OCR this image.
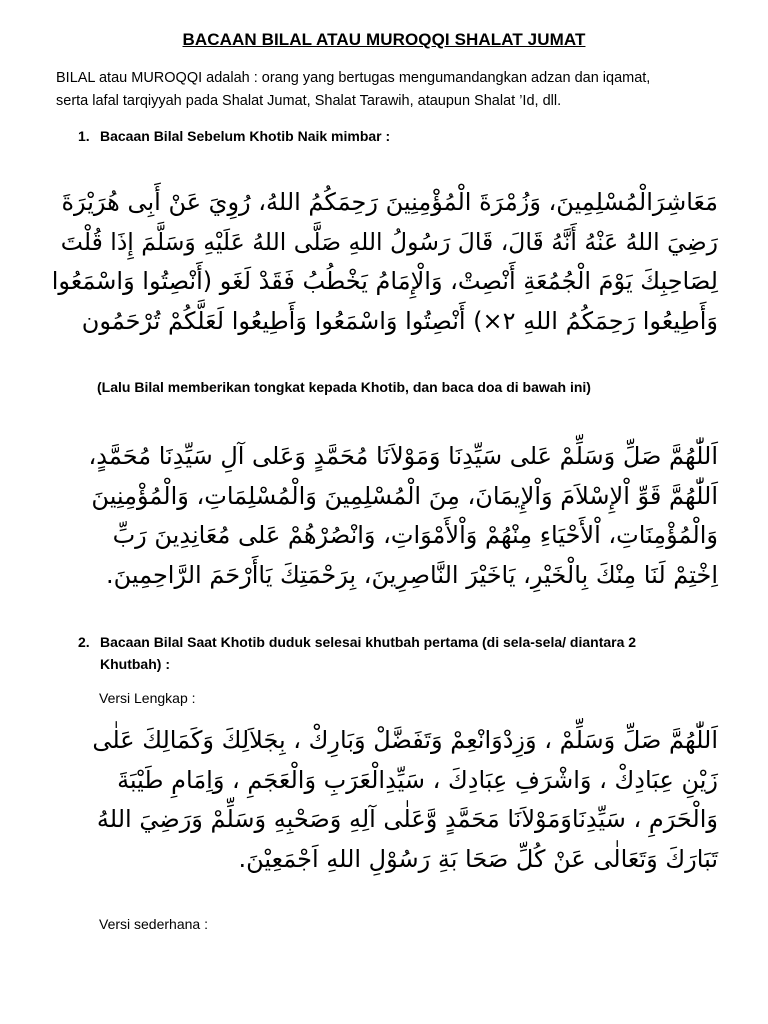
BACAAN BILAL ATAU MUROQQI SHALAT JUMAT
BILAL atau MUROQQI adalah : orang yang bertugas mengumandangkan adzan dan iqamat,
serta lafal tarqiyyah pada Shalat Jumat, Shalat Tarawih, ataupun Shalat ’Id, dll.
1. Bacaan Bilal Sebelum Khotib Naik mimbar :
مَعَاشِرَالْمُسْلِمِينَ، وَزُمْرَةَ الْمُؤْمِنِينَ رَحِمَكُمُ اللهُ، رُوِيَ عَنْ أَبِى هُرَيْرَةَ
رَضِيَ اللهُ عَنْهُ أَنَّهُ قَالَ، قَالَ رَسُولُ اللهِ صَلَّى اللهُ عَلَيْهِ وَسَلَّمَ إِذَا قُلْتَ
لِصَاحِبِكَ يَوْمَ الْجُمُعَةِ أَنْصِتْ، وَالْإِمَامُ يَخْطُبُ فَقَدْ لَغَو (أَنْصِتُوا وَاسْمَعُوا
وَأَطِيعُوا رَحِمَكُمُ اللهِ ٢×) أَنْصِتُوا وَاسْمَعُوا وَأَطِيعُوا لَعَلَّكُمْ تُرْحَمُون
(Lalu Bilal memberikan tongkat kepada Khotib, dan baca doa di bawah ini)
اَللّٰهُمَّ صَلِّ وَسَلِّمْ عَلى سَيِّدِنَا وَمَوْلاَنَا مُحَمَّدٍ وَعَلى آلِ سَيِّدِنَا مُحَمَّدٍ،
اَللّٰهُمَّ قَوِّ اْلإِسْلاَمَ وَاْلإِيمَانَ، مِنَ الْمُسْلِمِينَ وَالْمُسْلِمَاتِ، وَالْمُؤْمِنِينَ
وَالْمُؤْمِنَاتِ، اْلأَحْيَاءِ مِنْهُمْ وَاْلأَمْوَاتِ، وَانْصُرْهُمْ عَلى مُعَانِدِينَ رَبِّ
اِخْتِمْ لَنَا مِنْكَ بِالْخَيْرِ، يَاخَيْرَ النَّاصِرِينَ، بِرَحْمَتِكَ يَاأَرْحَمَ الرَّاحِمِينَ.
2. Bacaan Bilal Saat Khotib duduk selesai khutbah pertama (di sela-sela/ diantara 2
Khutbah) :
Versi Lengkap :
اَللّٰهُمَّ صَلِّ وَسَلِّمْ ، وَزِدْوَانْعِمْ وَتَفَضَّلْ وَبَارِكْ ، بِجَلاَلِكَ وَكَمَالِكَ عَلٰى
زَيْنِ عِبَادِكْ ، وَاشْرَفِ عِبَادِكَ ، سَيِّدِالْعَرَبِ وَالْعَجَمِ ، وَاِمَامِ طَيْبَةَ
وَالْحَرَمِ ، سَيِّدِنَاوَمَوْلاَنَا مَحَمَّدٍ وَّعَلٰى آلِهِ وَصَحْبِهِ وَسَلِّمْ وَرَضِيَ اللهُ
تَبَارَكَ وَتَعَالٰى عَنْ كُلِّ صَحَا بَةِ رَسُوْلِ اللهِ اَجْمَعِيْنَ.
Versi sederhana :
